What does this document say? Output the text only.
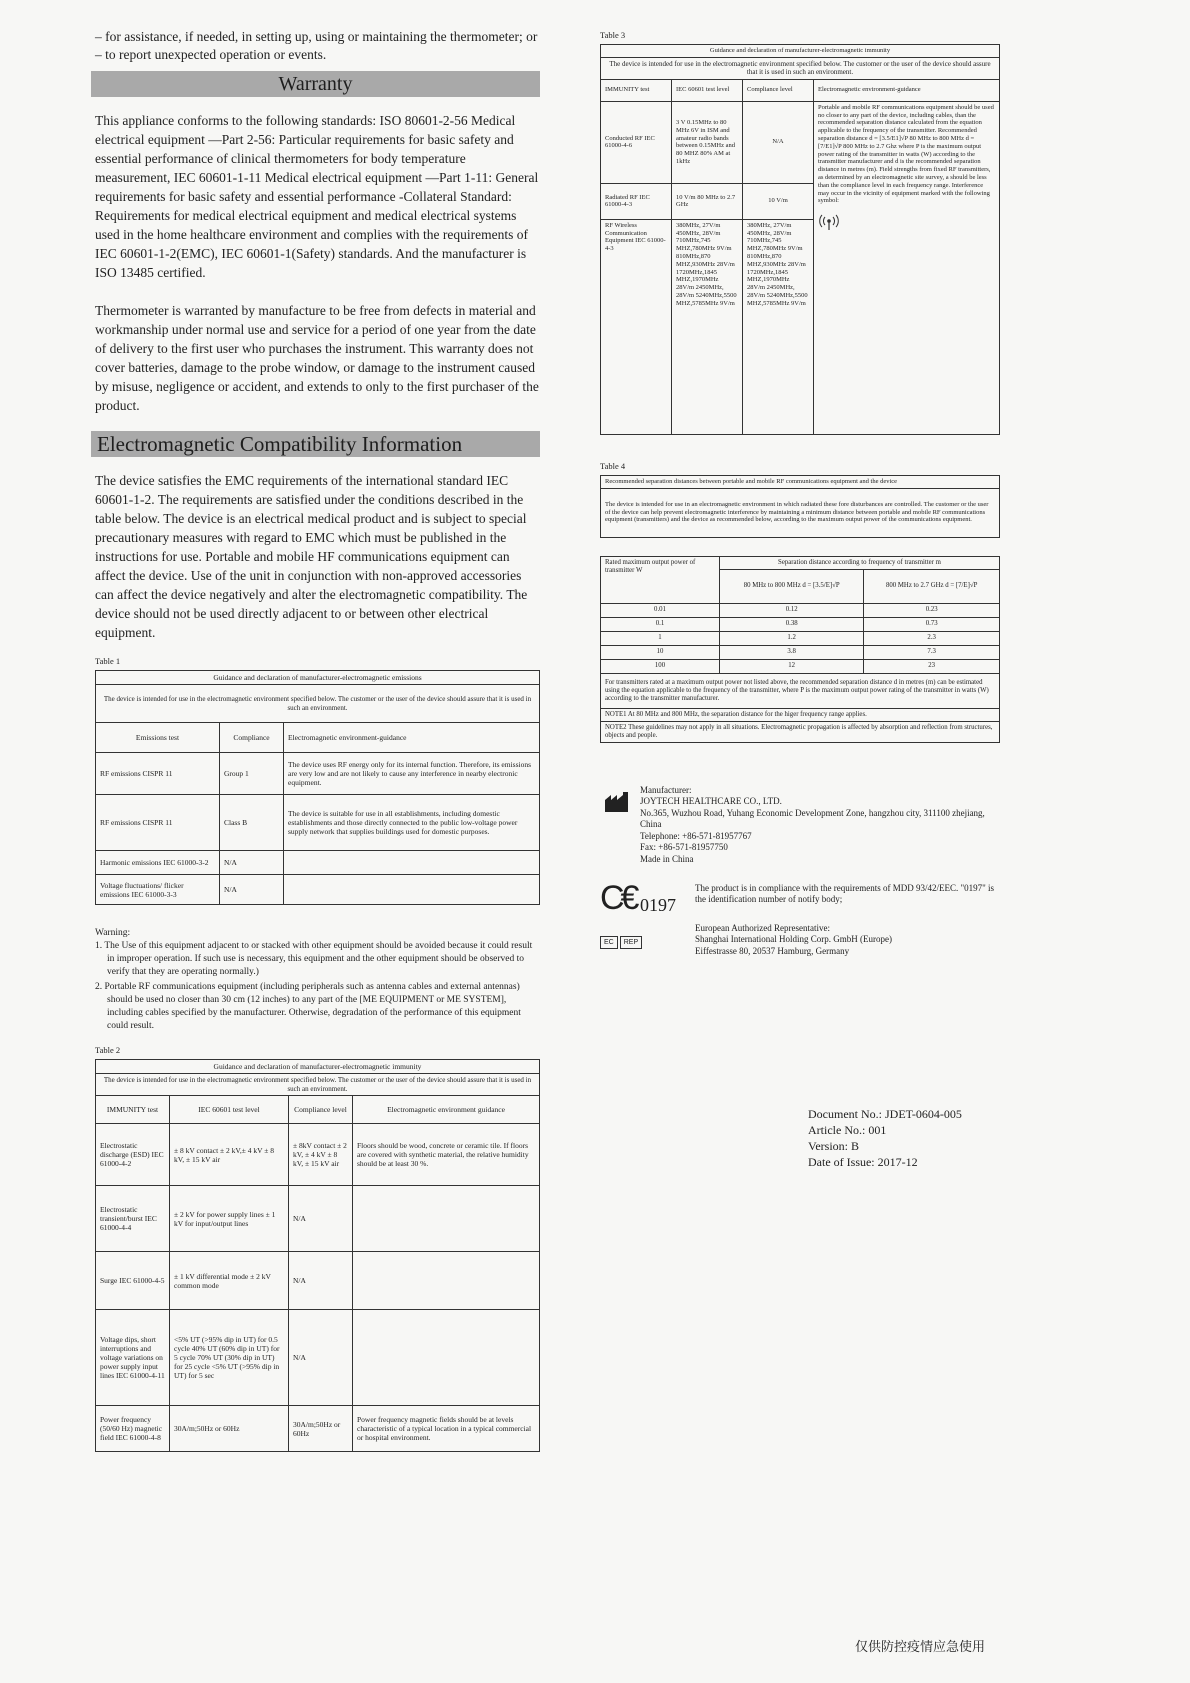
– for assistance, if needed, in setting up, using or maintaining the thermometer; or

– to report unexpected operation or events.

Warranty

This appliance conforms to the following standards: ISO 80601-2-56 Medical electrical equipment —Part 2-56: Particular requirements for basic safety and essential performance of clinical thermometers for body temperature measurement, IEC 60601-1-11 Medical electrical equipment —Part 1-11: General requirements for basic safety and essential performance -Collateral Standard: Requirements for medical electrical equipment and medical electrical systems used in the home healthcare environment and complies with the requirements of IEC 60601-1-2(EMC), IEC 60601-1(Safety) standards. And the manufacturer is ISO 13485 certified.

Thermometer is warranted by manufacture to be free from defects in material and workmanship under normal use and service for a period of one year from the date of delivery to the first user who purchases the instrument. This warranty does not cover batteries, damage to the probe window, or damage to the instrument caused by misuse, negligence or accident, and extends to only to the first purchaser of the product.

Electromagnetic Compatibility Information

The device satisfies the EMC requirements of the international standard IEC 60601-1-2. The requirements are satisfied under the conditions described in the table below. The device is an electrical medical product and is subject to special precautionary measures with regard to EMC which must be published in the instructions for use. Portable and mobile HF communications equipment can affect the device. Use of the unit in conjunction with non-approved accessories can affect the device negatively and alter the electromagnetic compatibility. The device should not be used directly adjacent to or between other electrical equipment.

Table 1
Guidance and declaration of manufacturer-electromagnetic emissions		
The device is intended for use in the electromagnetic environment specified below. The customer or the user of the device should assure that it is used in such an environment.		
Emissions test	Compliance	Electromagnetic environment-guidance
RF emissions CISPR 11	Group 1	The device uses RF energy only for its internal function. Therefore, its emissions are very low and are not likely to cause any interference in nearby electronic equipment.
RF emissions CISPR 11	Class B	The device is suitable for use in all establishments, including domestic establishments and those directly connected to the public low-voltage power supply network that supplies buildings used for domestic purposes.
Harmonic emissions IEC 61000-3-2	N/A	
Voltage fluctuations/ flicker emissions IEC 61000-3-3	N/A	

Warning:

1. The Use of this equipment adjacent to or stacked with other equipment should be avoided because it could result in improper operation. If such use is necessary, this equipment and the other equipment should be observed to verify that they are operating normally.)

2. Portable RF communications equipment (including peripherals such as antenna cables and external antennas) should be used no closer than 30 cm (12 inches) to any part of the [ME EQUIPMENT or ME SYSTEM], including cables specified by the manufacturer. Otherwise, degradation of the performance of this equipment could result.

Table 2
Guidance and declaration of manufacturer-electromagnetic immunity			
The device is intended for use in the electromagnetic environment specified below. The customer or the user of the device should assure that it is used in such an environment.			
IMMUNITY test	IEC 60601 test level	Compliance level	Electromagnetic environment guidance
Electrostatic discharge (ESD) IEC 61000-4-2	± 8 kV contact ± 2 kV,± 4 kV ± 8 kV, ± 15 kV air	± 8kV contact ± 2 kV, ± 4 kV ± 8 kV, ± 15 kV air	Floors should be wood, concrete or ceramic tile. If floors are covered with synthetic material, the relative humidity should be at least 30 %.
Electrostatic transient/burst IEC 61000-4-4	± 2 kV for power supply lines ± 1 kV for input/output lines	N/A	
Surge IEC 61000-4-5	± 1 kV differential mode ± 2 kV common mode	N/A	
Voltage dips, short interruptions and voltage variations on power supply input lines IEC 61000-4-11	<5% UT (>95% dip in UT) for 0.5 cycle 40% UT (60% dip in UT) for 5 cycle 70% UT (30% dip in UT) for 25 cycle <5% UT (>95% dip in UT) for 5 sec	N/A	
Power frequency (50/60 Hz) magnetic field IEC 61000-4-8	30A/m;50Hz or 60Hz	30A/m;50Hz or 60Hz	Power frequency magnetic fields should be at levels characteristic of a typical location in a typical commercial or hospital environment.
Table 3
Guidance and declaration of manufacturer-electromagnetic immunity			
The device is intended for use in the electromagnetic environment specified below. The customer or the user of the device should assure that it is used in such an environment.			
IMMUNITY test	IEC 60601 test level	Compliance level	Electromagnetic environment-guidance
Conducted RF IEC 61000-4-6	3 V 0.15MHz to 80 MHz 6V in ISM and amateur radio bands between 0.15MHz and 80 MHZ 80% AM at 1kHz	N/A	Portable and mobile RF communications equipment should be used no closer to any part of the device, including cables, than the recommended separation distance calculated from the equation applicable to the frequency of the transmitter. Recommended separation distance d = [3.5/E1]√P 80 MHz to 800 MHz d = [7/E1]√P 800 MHz to 2.7 Ghz where P is the maximum output power rating of the transmitter in watts (W) according to the transmitter manufacturer and d is the recommended separation distance in metres (m). Field strengths from fixed RF transmitters, as determined by an electromagnetic site survey, a should be less than the compliance level in each frequency range. Interference may occur in the vicinity of equipment marked with the following symbol:

Radiated RF IEC 61000-4-3	10 V/m 80 MHz to 2.7 GHz	10 V/m	
RF Wireless Communication Equipment IEC 61000-4-3	380MHz, 27V/m 450MHz, 28V/m 710MHz,745 MHZ,780MHz 9V/m 810MHz,870 MHZ,930MHz 28V/m 1720MHz,1845 MHZ,1970MHz 28V/m 2450MHz, 28V/m 5240MHz,5500 MHZ,5785MHz 9V/m	380MHz, 27V/m 450MHz, 28V/m 710MHz,745 MHZ,780MHz 9V/m 810MHz,870 MHZ,930MHz 28V/m 1720MHz,1845 MHZ,1970MHz 28V/m 2450MHz, 28V/m 5240MHz,5500 MHZ,5785MHz 9V/m	
Table 4
Recommended separation distances between portable and mobile RF communications equipment and the device
The device is intended for use in an electromagnetic environment in which radiated these fore disturbances are controlled. The customer or the user of the device can help prevent electromagnetic interference by maintaining a minimum distance between portable and mobile RF communications equipment (transmitters) and the device as recommended below, according to the maximum output power of the communications equipment.
Rated maximum output power of transmitter W	Separation distance according to frequency of transmitter m	
	80 MHz to 800 MHz d = [3.5/E]√P	800 MHz to 2.7 GHz d = [7/E]√P
0.01	0.12	0.23
0.1	0.38	0.73
1	1.2	2.3
10	3.8	7.3
100	12	23
For transmitters rated at a maximum output power not listed above, the recommended separation distance d in metres (m) can be estimated using the equation applicable to the frequency of the transmitter, where P is the maximum output power rating of the transmitter in watts (W) according to the transmitter manufacturer.		
NOTE1 At 80 MHz and 800 MHz, the separation distance for the higer frequency range applies.		
NOTE2 These guidelines may not apply in all situations. Electromagnetic propagation is affected by absorption and reflection from structures, objects and people.		
Manufacturer:
JOYTECH HEALTHCARE CO., LTD.
No.365, Wuzhou Road, Yuhang Economic Development Zone, hangzhou city, 311100 zhejiang, China
Telephone: +86-571-81957767
Fax: +86-571-81957750
Made in China
C€ 0197
The product is in compliance with the requirements of MDD 93/42/EEC. "0197" is the identification number of notify body;
EC REP
European Authorized Representative:
Shanghai International Holding Corp. GmbH (Europe)
Eiffestrasse 80, 20537 Hamburg, Germany
Document No.: JDET-0604-005
Article No.: 001
Version: B
Date of Issue: 2017-12
仅供防控疫情应急使用
